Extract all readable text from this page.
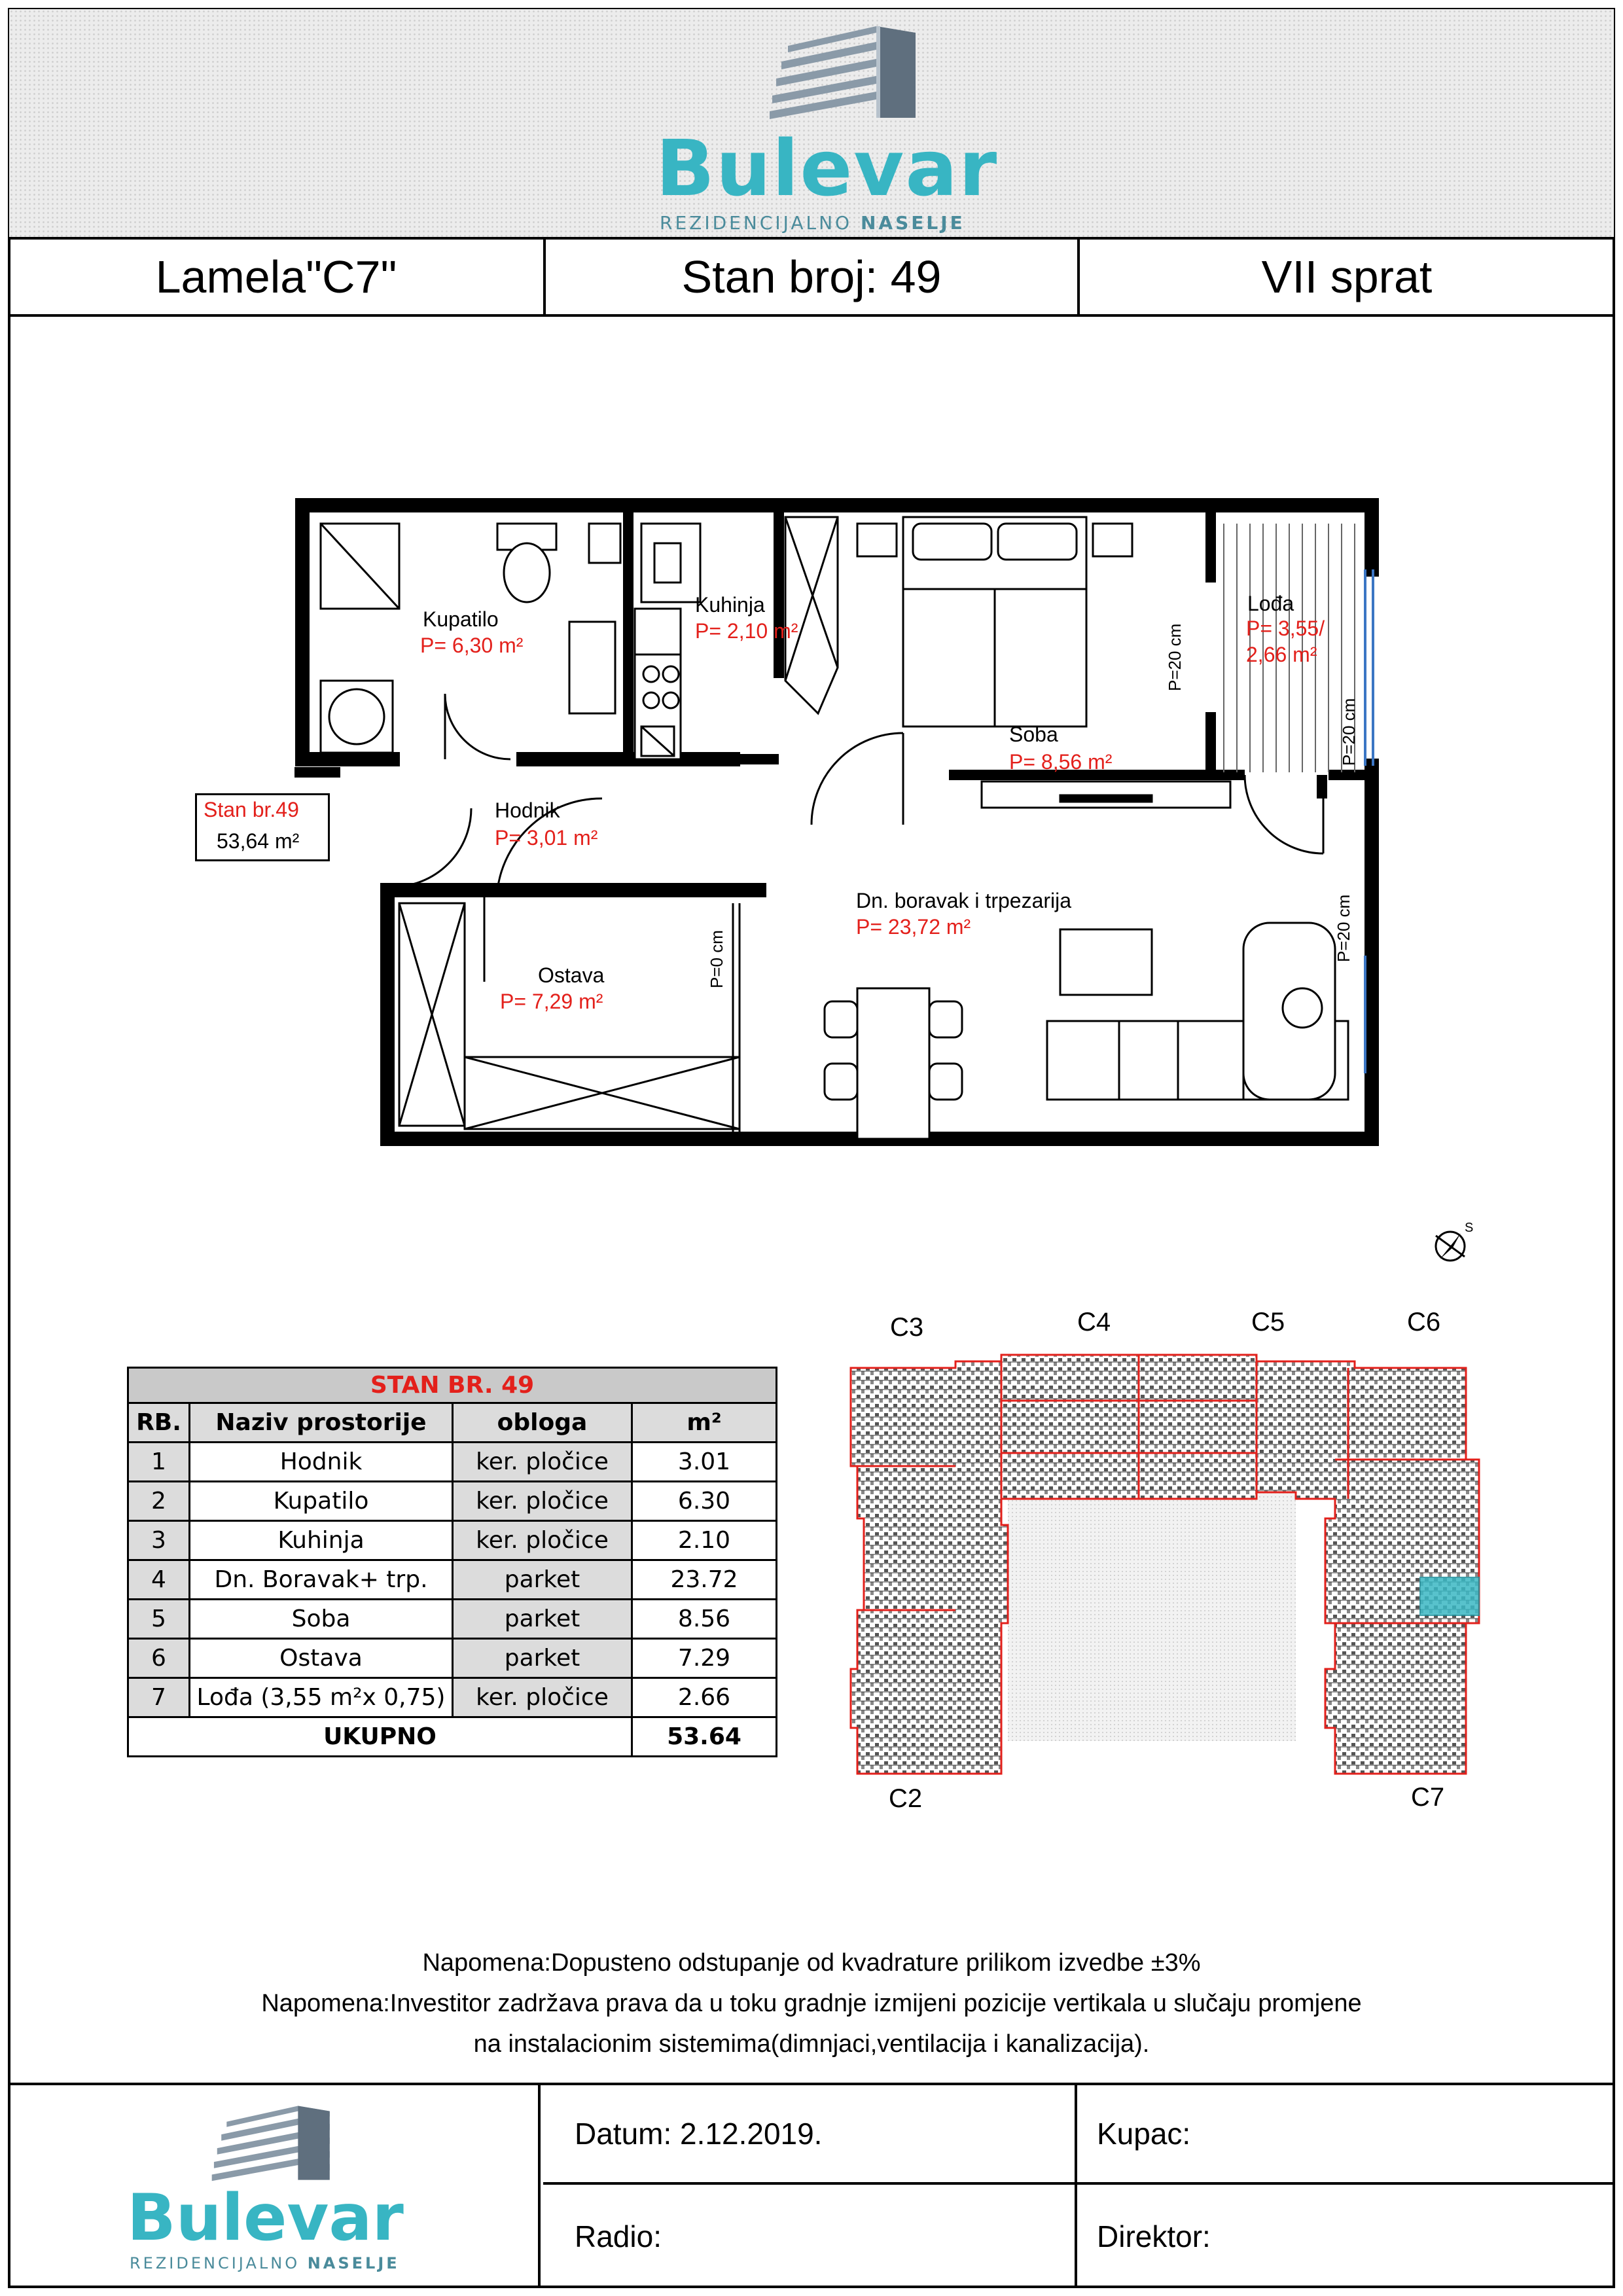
Bulevar
REZIDENCIJALNO NASELJE
Lamela"C7"	Stan broj: 49	VII sprat
Kupatilo
P= 6,30 m²
Kuhinja
P= 2,10 m²
Lođa
P= 3,55/
2,66 m²
Soba
P= 8,56 m²
Hodnik
P= 3,01 m²
Dn. boravak i trpezarija
P= 23,72 m²
Ostava
P= 7,29 m²
P=20 cm
P=20 cm
P=20 cm
P=0 cm
Stan br.49
53,64 m²
S
STAN BR. 49			
RB.	Naziv prostorije	obloga	m²
1	Hodnik	ker. pločice	3.01
2	Kupatilo	ker. pločice	6.30
3	Kuhinja	ker. pločice	2.10
4	Dn. Boravak+ trp.	parket	23.72
5	Soba	parket	8.56
6	Ostava	parket	7.29
7	Lođa (3,55 m²x 0,75)	ker. pločice	2.66
UKUPNO			53.64
C3	C4	C5	C6
C2	C7
Napomena:Dopusteno odstupanje od kvadrature prilikom izvedbe ±3%
Napomena:Investitor zadržava prava da u toku gradnje izmijeni pozicije vertikala u slučaju promjene
na instalacionim sistemima(dimnjaci,ventilacija i kanalizacija).
Bulevar
REZIDENCIJALNO NASELJE
Datum: 2.12.2019.	Kupac:
Radio:	Direktor:
